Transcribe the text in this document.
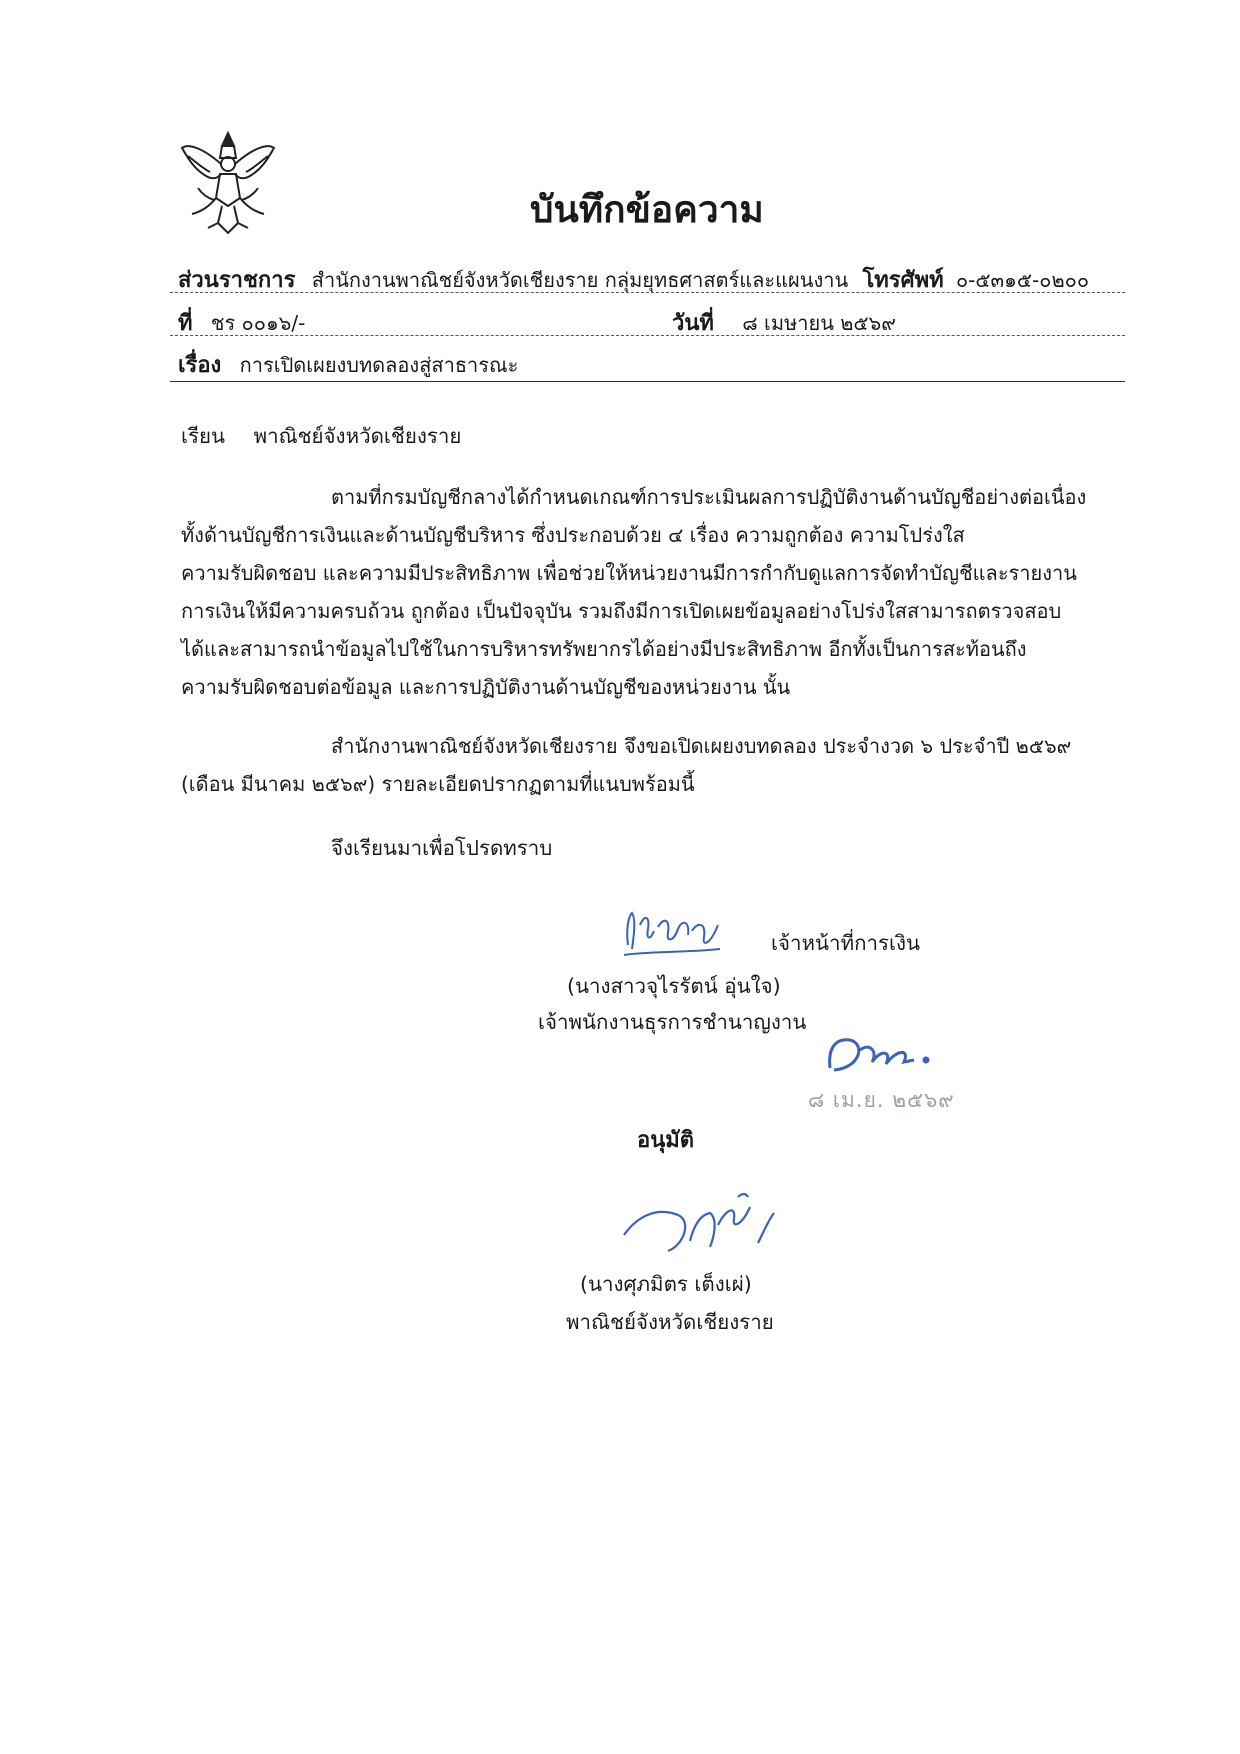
บันทึกข้อความ
ส่วนราชการ สำนักงานพาณิชย์จังหวัดเชียงราย กลุ่มยุทธศาสตร์และแผนงาน โทรศัพท์ ๐-๕๓๑๕-๐๒๐๐
ที่ ชร ๐๐๑๖/-	วันที่ ๘ เมษายน ๒๕๖๙
เรื่อง การเปิดเผยงบทดลองสู่สาธารณะ
เรียน พาณิชย์จังหวัดเชียงราย
ตามที่กรมบัญชีกลางได้กำหนดเกณฑ์การประเมินผลการปฏิบัติงานด้านบัญชีอย่างต่อเนื่อง
ทั้งด้านบัญชีการเงินและด้านบัญชีบริหาร ซึ่งประกอบด้วย ๔ เรื่อง ความถูกต้อง ความโปร่งใส
ความรับผิดชอบ และความมีประสิทธิภาพ เพื่อช่วยให้หน่วยงานมีการกำกับดูแลการจัดทำบัญชีและรายงาน
การเงินให้มีความครบถ้วน ถูกต้อง เป็นปัจจุบัน รวมถึงมีการเปิดเผยข้อมูลอย่างโปร่งใสสามารถตรวจสอบ
ได้และสามารถนำข้อมูลไปใช้ในการบริหารทรัพยากรได้อย่างมีประสิทธิภาพ อีกทั้งเป็นการสะท้อนถึง
ความรับผิดชอบต่อข้อมูล และการปฏิบัติงานด้านบัญชีของหน่วยงาน นั้น
สำนักงานพาณิชย์จังหวัดเชียงราย จึงขอเปิดเผยงบทดลอง ประจำงวด ๖ ประจำปี ๒๕๖๙
(เดือน มีนาคม ๒๕๖๙) รายละเอียดปรากฏตามที่แนบพร้อมนี้
จึงเรียนมาเพื่อโปรดทราบ
เจ้าหน้าที่การเงิน
(นางสาวจุไรรัตน์ อุ่นใจ)
เจ้าพนักงานธุรการชำนาญงาน
๘ เม.ย. ๒๕๖๙
อนุมัติ
(นางศุภมิตร เต็งเผ่)
พาณิชย์จังหวัดเชียงราย
